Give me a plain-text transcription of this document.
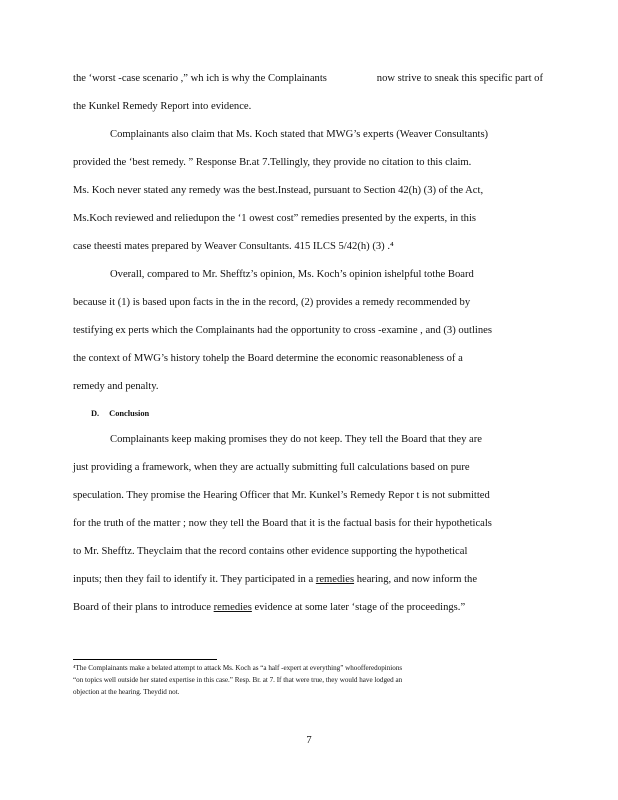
the ‘worst -case scenario ,” wh ich is why the Complainants	now strive to sneak this specific part of
the Kunkel Remedy Report into evidence.
Complainants also claim that Ms. Koch stated that MWG’s experts (Weaver Consultants)
provided the ‘best remedy. ” Response Br.at 7.Tellingly, they provide no citation to this claim.
Ms. Koch never stated any remedy was the best.Instead, pursuant to Section 42(h) (3) of the Act,
Ms.Koch reviewed and reliedupon the ‘1 owest cost” remedies presented by the experts, in this
case theesti mates prepared by Weaver Consultants. 415 ILCS 5/42(h) (3) .⁴
Overall, compared to Mr. Shefftz’s opinion, Ms. Koch’s opinion ishelpful tothe Board
because it (1) is based upon facts in the in the record, (2) provides a remedy recommended by
testifying ex perts which the Complainants had the opportunity to cross -examine , and (3) outlines
the context of MWG’s history tohelp the Board determine the economic reasonableness of a
remedy and penalty.
D. Conclusion
Complainants keep making promises they do not keep. They tell the Board that they are
just providing a framework, when they are actually submitting full calculations based on pure
speculation. They promise the Hearing Officer that Mr. Kunkel’s Remedy Repor t is not submitted
for the truth of the matter ; now they tell the Board that it is the factual basis for their hypotheticals
to Mr. Shefftz. Theyclaim that the record contains other evidence supporting the hypothetical
inputs; then they fail to identify it. They participated in a remedies hearing, and now inform the
Board of their plans to introduce remedies evidence at some later ‘stage of the proceedings.”
⁴The Complainants make a belated attempt to attack Ms. Koch as “a half -expert at everything” whoofferedopinions
“on topics well outside her stated expertise in this case.” Resp. Br. at 7. If that were true, they would have lodged an
objection at the hearing. Theydid not.
7
